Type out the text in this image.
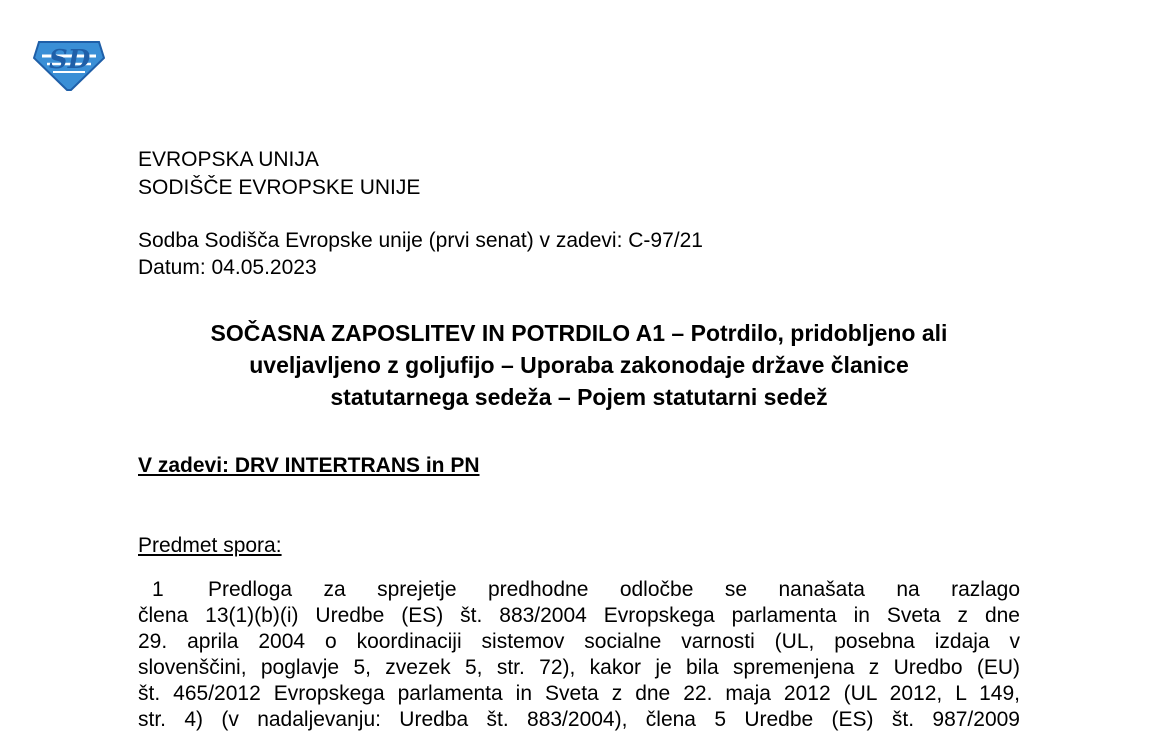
SD
EVROPSKA UNIJA
SODIŠČE EVROPSKE UNIJE
Sodba Sodišča Evropske unije (prvi senat) v zadevi: C-97/21
Datum: 04.05.2023
SOČASNA ZAPOSLITEV IN POTRDILO A1 – Potrdilo, pridobljeno ali
uveljavljeno z goljufijo – Uporaba zakonodaje države članice
statutarnega sedeža – Pojem statutarni sedež
V zadevi: DRV INTERTRANS in PN
Predmet spora:
1	Predloga za sprejetje predhodne odločbe se nanašata na razlago
člena 13(1)(b)(i) Uredbe (ES) št. 883/2004 Evropskega parlamenta in Sveta z dne
29. aprila 2004 o koordinaciji sistemov socialne varnosti (UL, posebna izdaja v
slovenščini, poglavje 5, zvezek 5, str. 72), kakor je bila spremenjena z Uredbo (EU)
št. 465/2012 Evropskega parlamenta in Sveta z dne 22. maja 2012 (UL 2012, L 149,
str. 4) (v nadaljevanju: Uredba št. 883/2004), člena 5 Uredbe (ES) št. 987/2009
